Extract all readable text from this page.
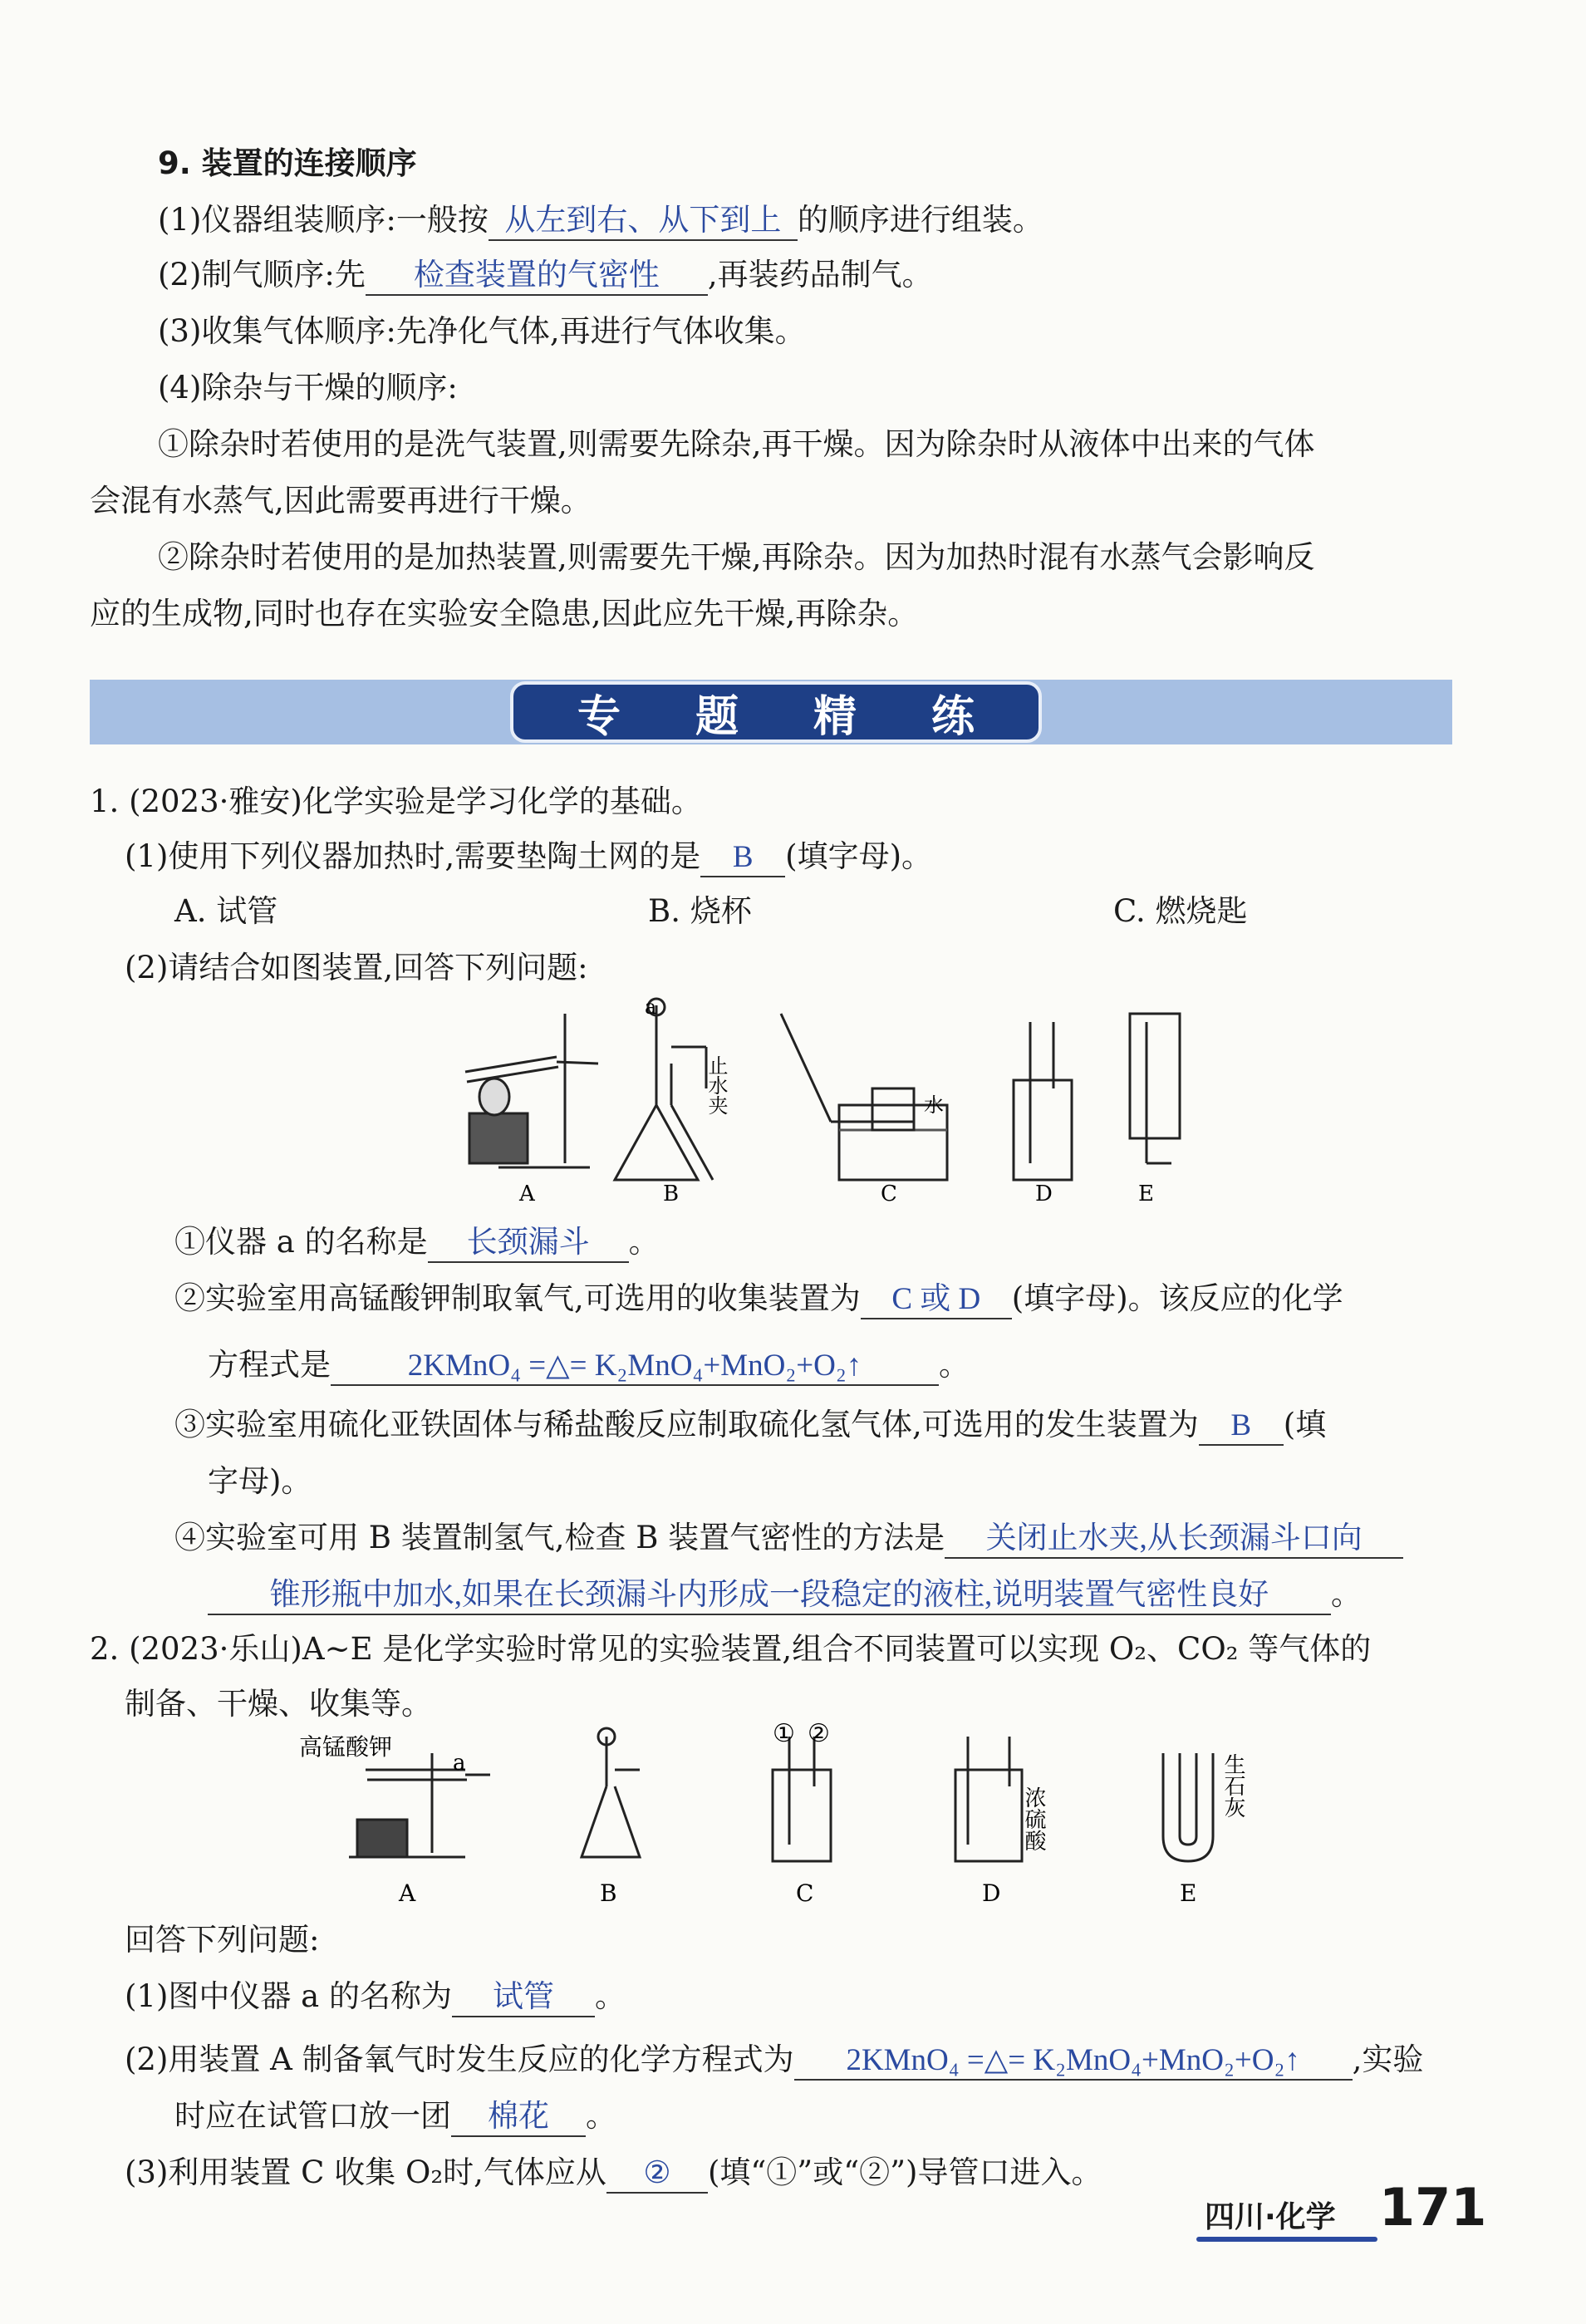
9. 装置的连接顺序
(1)仪器组装顺序:一般按 从左到右、从下到上 的顺序进行组装。
(2)制气顺序:先 检查装置的气密性 ,再装药品制气。
(3)收集气体顺序:先净化气体,再进行气体收集。
(4)除杂与干燥的顺序:
①除杂时若使用的是洗气装置,则需要先除杂,再干燥。因为除杂时从液体中出来的气体
会混有水蒸气,因此需要再进行干燥。
②除杂时若使用的是加热装置,则需要先干燥,再除杂。因为加热时混有水蒸气会影响反
应的生成物,同时也存在实验安全隐患,因此应先干燥,再除杂。
专题精练
1. (2023·雅安)化学实验是学习化学的基础。
(1)使用下列仪器加热时,需要垫陶土网的是 B (填字母)。
A. 试管	B. 烧杯	C. 燃烧匙
(2)请结合如图装置,回答下列问题:
a
止水夹	水
A	B	C	D	E
①仪器 a 的名称是 长颈漏斗 。
②实验室用高锰酸钾制取氧气,可选用的收集装置为 C 或 D (填字母)。该反应的化学
方程式是	2KMnO₄ =△= K₂MnO₄+MnO₂+O₂↑	。
③实验室用硫化亚铁固体与稀盐酸反应制取硫化氢气体,可选用的发生装置为 B (填
字母)。
④实验室可用 B 装置制氢气,检查 B 装置气密性的方法是 关闭止水夹,从长颈漏斗口向
锥形瓶中加水,如果在长颈漏斗内形成一段稳定的液柱,说明装置气密性良好 。
2. (2023·乐山)A~E 是化学实验时常见的实验装置,组合不同装置可以实现 O₂、CO₂ 等气体的
制备、干燥、收集等。
高锰酸钾
a
① ②
浓硫酸
生石灰
A	B	C	D	E
回答下列问题:
(1)图中仪器 a 的名称为 试管 。
(2)用装置 A 制备氧气时发生反应的化学方程式为 2KMnO₄ =△= K₂MnO₄+MnO₂+O₂↑ ,实验
时应在试管口放一团 棉花 。
(3)利用装置 C 收集 O₂时,气体应从 ② (填“①”或“②”)导管口进入。
四川·化学 171
